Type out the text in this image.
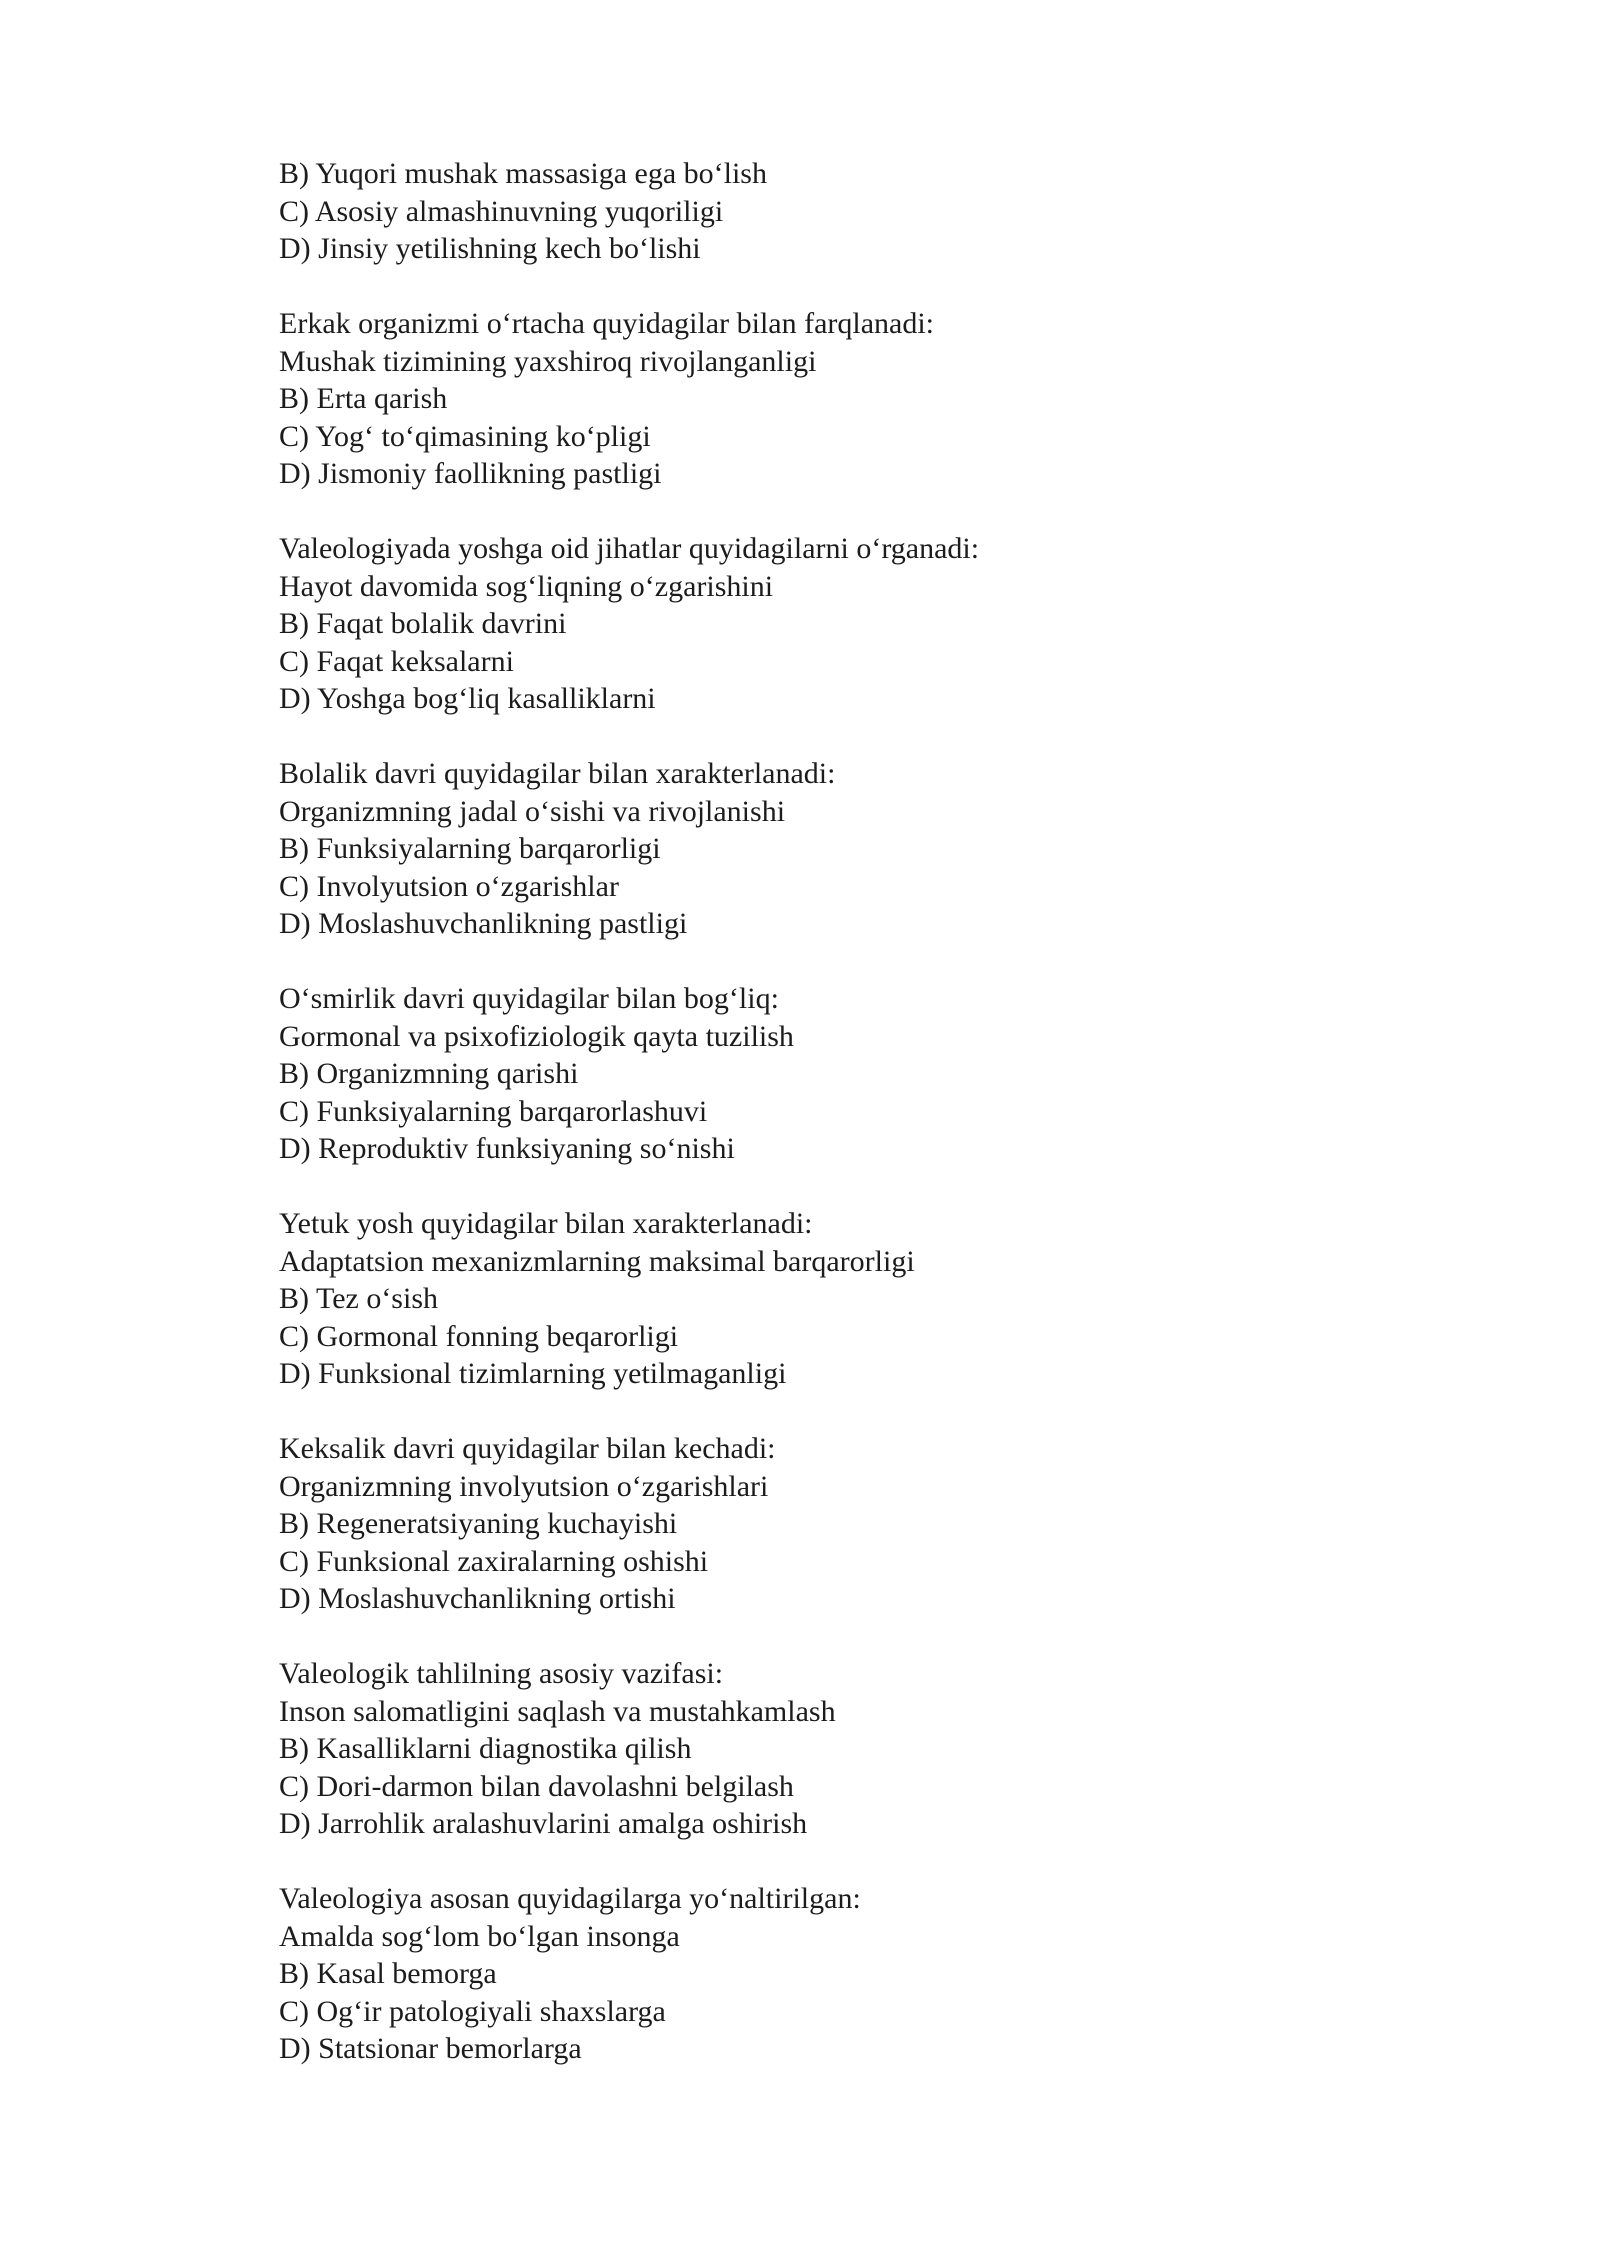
B) Yuqori mushak massasiga ega bo‘lish
C) Asosiy almashinuvning yuqoriligi
D) Jinsiy yetilishning kech bo‘lishi
Erkak organizmi o‘rtacha quyidagilar bilan farqlanadi:
Mushak tizimining yaxshiroq rivojlanganligi
B) Erta qarish
C) Yog‘ to‘qimasining ko‘pligi
D) Jismoniy faollikning pastligi
Valeologiyada yoshga oid jihatlar quyidagilarni o‘rganadi:
Hayot davomida sog‘liqning o‘zgarishini
B) Faqat bolalik davrini
C) Faqat keksalarni
D) Yoshga bog‘liq kasalliklarni
Bolalik davri quyidagilar bilan xarakterlanadi:
Organizmning jadal o‘sishi va rivojlanishi
B) Funksiyalarning barqarorligi
C) Involyutsion o‘zgarishlar
D) Moslashuvchanlikning pastligi
O‘smirlik davri quyidagilar bilan bog‘liq:
Gormonal va psixofiziologik qayta tuzilish
B) Organizmning qarishi
C) Funksiyalarning barqarorlashuvi
D) Reproduktiv funksiyaning so‘nishi
Yetuk yosh quyidagilar bilan xarakterlanadi:
Adaptatsion mexanizmlarning maksimal barqarorligi
B) Tez o‘sish
C) Gormonal fonning beqarorligi
D) Funksional tizimlarning yetilmaganligi
Keksalik davri quyidagilar bilan kechadi:
Organizmning involyutsion o‘zgarishlari
B) Regeneratsiyaning kuchayishi
C) Funksional zaxiralarning oshishi
D) Moslashuvchanlikning ortishi
Valeologik tahlilning asosiy vazifasi:
Inson salomatligini saqlash va mustahkamlash
B) Kasalliklarni diagnostika qilish
C) Dori-darmon bilan davolashni belgilash
D) Jarrohlik aralashuvlarini amalga oshirish
Valeologiya asosan quyidagilarga yo‘naltirilgan:
Amalda sog‘lom bo‘lgan insonga
B) Kasal bemorga
C) Og‘ir patologiyali shaxslarga
D) Statsionar bemorlarga
